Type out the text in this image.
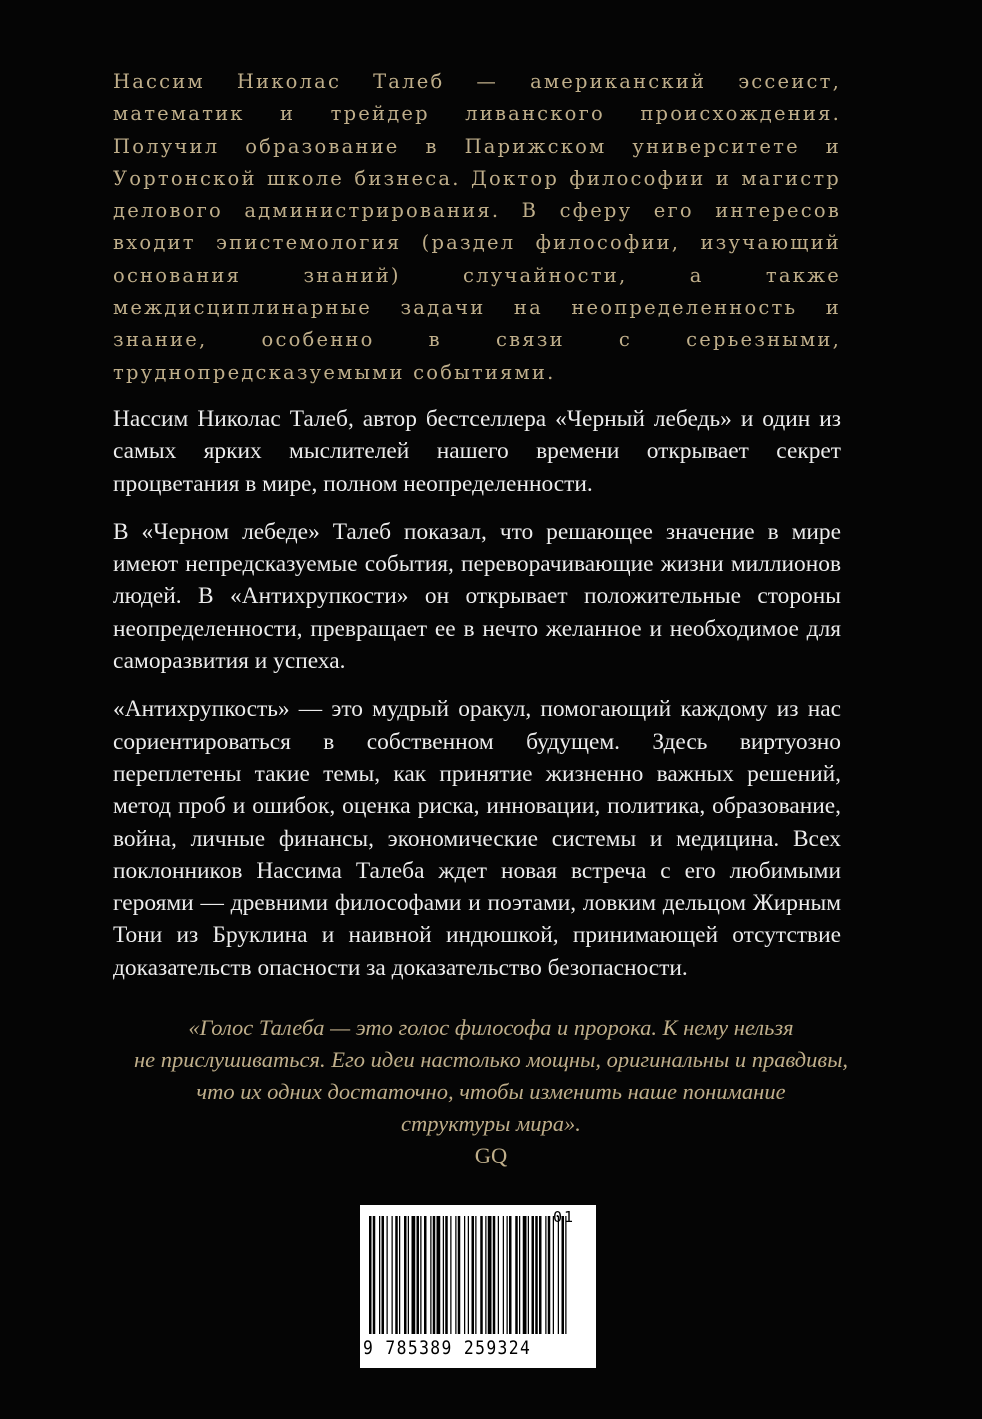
Нассим Николас Талеб — американский эссеист, математик и трейдер ливанского происхождения. Получил образование в Парижском университете и Уортонской школе бизнеса. Доктор философии и магистр делового администрирования. В сферу его интересов входит эпистемология (раздел философии, изучающий основания знаний) случайности, а также междисциплинарные задачи на неопределенность и знание, особенно в связи с серьезными, труднопредсказуемыми событиями.

Нассим Николас Талеб, автор бестселлера «Черный лебедь» и один из самых ярких мыслителей нашего времени открывает секрет процветания в мире, полном неопределенности.

В «Черном лебеде» Талеб показал, что решающее значение в мире имеют непредсказуемые события, переворачивающие жизни миллионов людей. В «Антихрупкости» он открывает положительные стороны неопределенности, превращает ее в нечто желанное и необходимое для саморазвития и успеха.

«Антихрупкость» — это мудрый оракул, помогающий каждому из нас сориентироваться в собственном будущем. Здесь виртуозно переплетены такие темы, как принятие жизненно важных решений, метод проб и ошибок, оценка риска, инновации, политика, образование, война, личные финансы, экономические системы и медицина. Всех поклонников Нассима Талеба ждет новая встреча с его любимыми героями — древними философами и поэтами, ловким дельцом Жирным Тони из Бруклина и наивной индюшкой, принимающей отсутствие доказательств опасности за доказательство безопасности.

«Голос Талеба — это голос философа и пророка. К нему нельзя
не прислушиваться. Его идеи настолько мощны, оригинальны и правдивы,
что их одних достаточно, чтобы изменить наше понимание
структуры мира».
GQ
01
9 785389 259324
